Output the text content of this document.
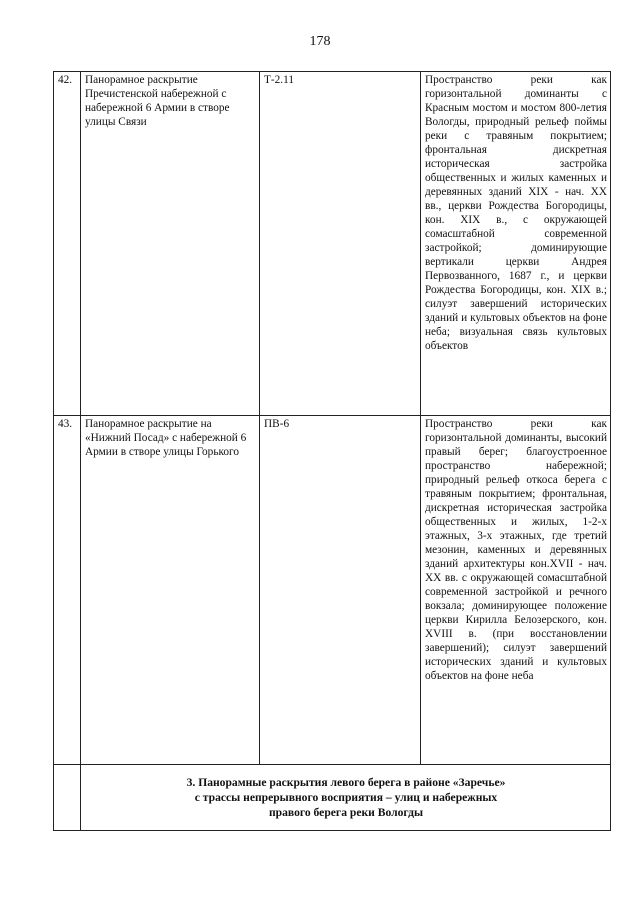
178
42.	Панорамное раскрытие Пречистенской набережной с набережной 6 Армии в створе улицы Связи	Т-2.11	Пространство реки как горизонтальной доминанты с Красным мостом и мостом 800-летия Вологды, природный рельеф поймы реки с травяным покрытием; фронтальная дискретная историческая застройка общественных и жилых каменных и деревянных зданий XIX - нач. XX вв., церкви Рождества Богородицы, кон. XIX в., с окружающей сомасштабной современной застройкой; доминирующие вертикали церкви Андрея Первозванного, 1687 г., и церкви Рождества Богородицы, кон. XIX в.; силуэт завершений исторических зданий и культовых объектов на фоне неба; визуальная связь культовых объектов
43.	Панорамное раскрытие на «Нижний Посад» с набережной 6 Армии в створе улицы Горького	ПВ-6	Пространство реки как горизонтальной доминанты, высокий правый берег; благоустроенное пространство набережной; природный рельеф откоса берега с травяным покрытием; фронтальная, дискретная историческая застройка общественных и жилых, 1-2-х этажных, 3-х этажных, где третий мезонин, каменных и деревянных зданий архитектуры кон.XVII - нач. XX вв. с окружающей сомасштабной современной застройкой и речного вокзала; доминирующее положение церкви Кирилла Белозерского, кон. XVIII в. (при восстановлении завершений); силуэт завершений исторических зданий и культовых объектов на фоне неба

	3. Панорамные раскрытия левого берега в районе «Заречье»
с трассы непрерывного восприятия – улиц и набережных
правого берега реки Вологды		
